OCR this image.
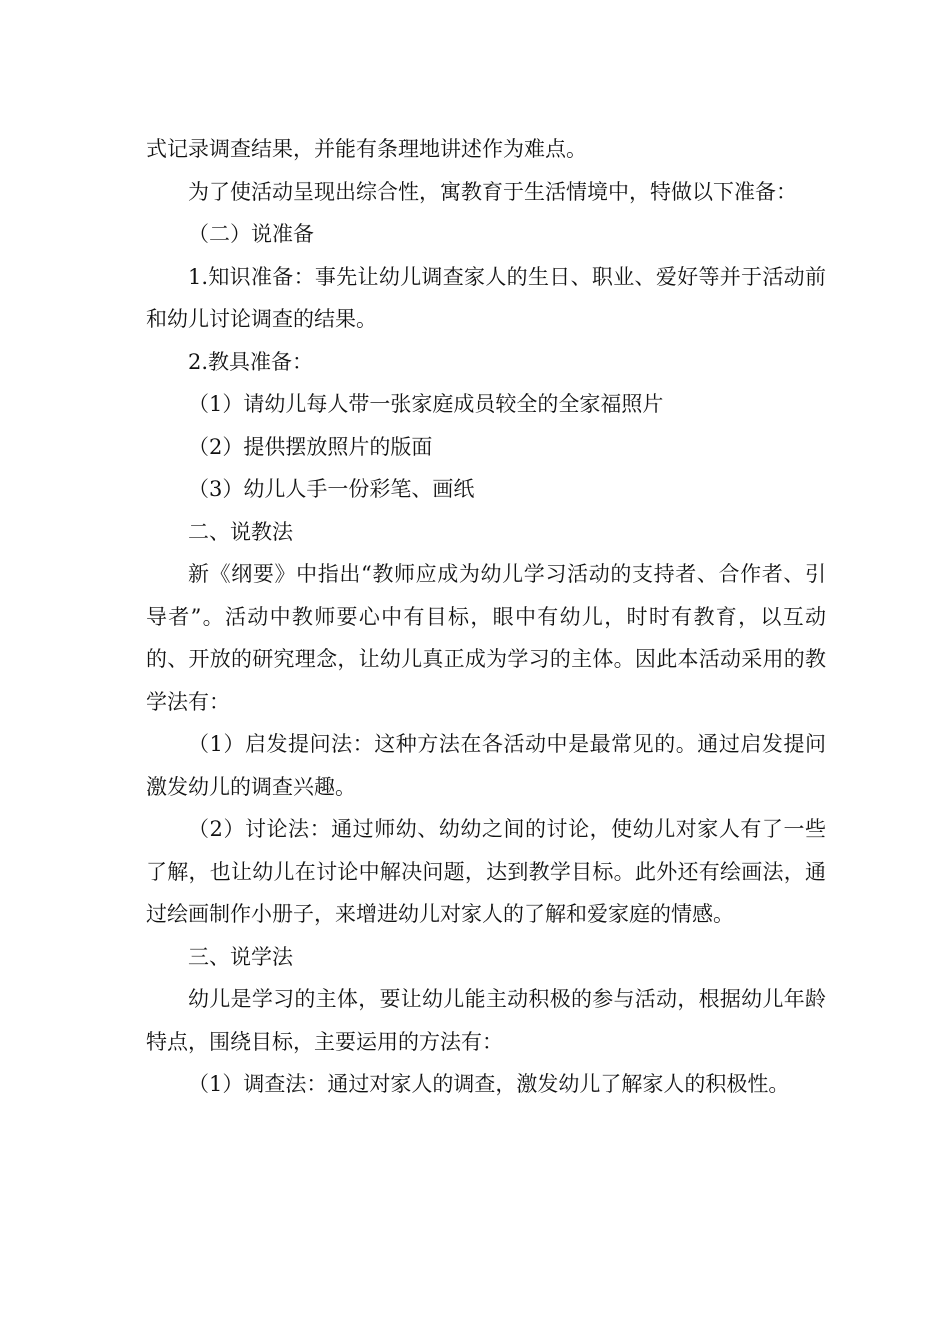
式记录调查结果，并能有条理地讲述作为难点。

为了使活动呈现出综合性，寓教育于生活情境中，特做以下准备：

（二）说准备

1.知识准备：事先让幼儿调查家人的生日、职业、爱好等并于活动前和幼儿讨论调查的结果。

2.教具准备：

（1）请幼儿每人带一张家庭成员较全的全家福照片

（2）提供摆放照片的版面

（3）幼儿人手一份彩笔、画纸

二、说教法

新《纲要》中指出“教师应成为幼儿学习活动的支持者、合作者、引导者”。活动中教师要心中有目标，眼中有幼儿，时时有教育，以互动的、开放的研究理念，让幼儿真正成为学习的主体。因此本活动采用的教学法有：

（1）启发提问法：这种方法在各活动中是最常见的。通过启发提问激发幼儿的调查兴趣。

（2）讨论法：通过师幼、幼幼之间的讨论，使幼儿对家人有了一些了解，也让幼儿在讨论中解决问题，达到教学目标。此外还有绘画法，通过绘画制作小册子，来增进幼儿对家人的了解和爱家庭的情感。

三、说学法

幼儿是学习的主体，要让幼儿能主动积极的参与活动，根据幼儿年龄特点，围绕目标，主要运用的方法有：

（1）调查法：通过对家人的调查，激发幼儿了解家人的积极性。
